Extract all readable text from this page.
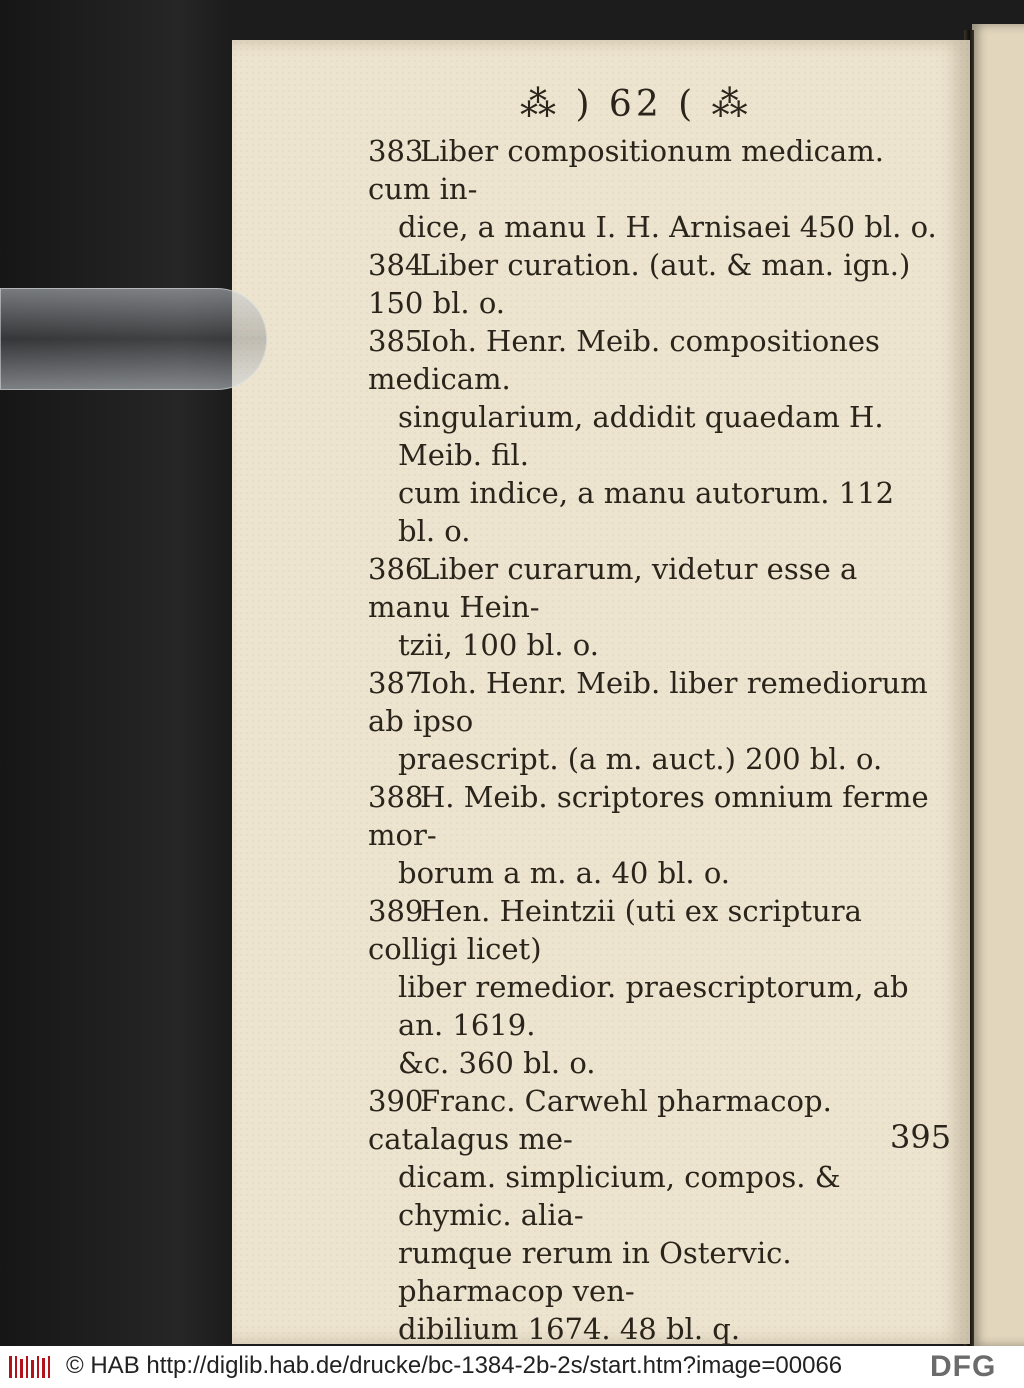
⁂ ) 62 ( ⁂
383Liber compositionum medicam. cum in-
dice, a manu I. H. Arnisaei 450 bl. o.
384Liber curation. (aut. & man. ign.) 150 bl. o.
385Ioh. Henr. Meib. compositiones medicam.
singularium, addidit quaedam H. Meib. fil.
cum indice, a manu autorum. 112 bl. o.
386Liber curarum, videtur esse a manu Hein-
tzii, 100 bl. o.
387Ioh. Henr. Meib. liber remediorum ab ipso
praescript. (a m. auct.) 200 bl. o.
388H. Meib. scriptores omnium ferme mor-
borum a m. a. 40 bl. o.
389Hen. Heintzii (uti ex scriptura colligi licet)
liber remedior. praescriptorum, ab an. 1619.
&c. 360 bl. o.
390Franc. Carwehl pharmacop. catalagus me-
dicam. simplicium, compos. & chymic. alia-
rumque rerum in Ostervic. pharmacop ven-
dibilium 1674. 48 bl. q.
395
© HAB http://diglib.hab.de/drucke/bc-1384-2b-2s/start.htm?image=00066	DFG
